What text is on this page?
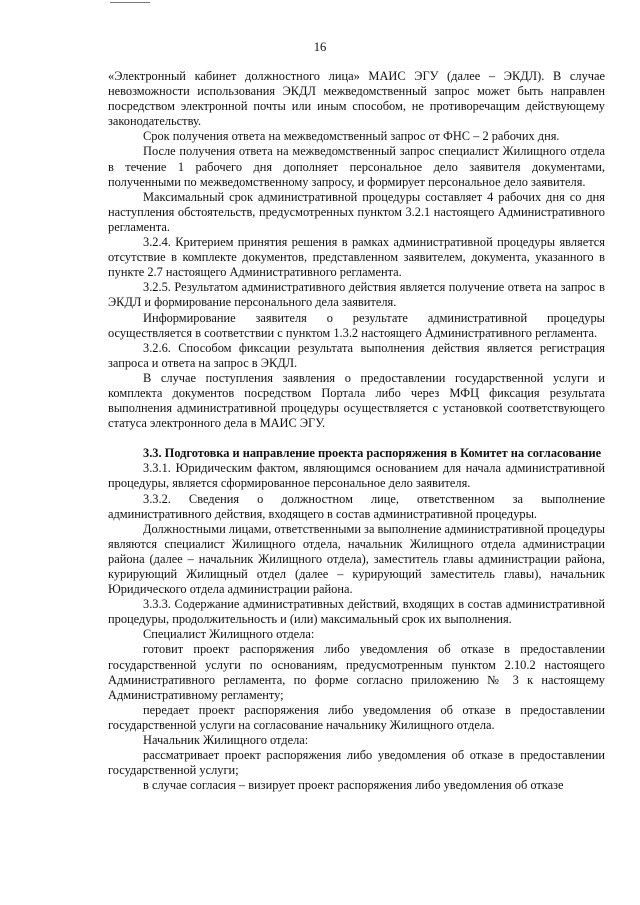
16

«Электронный кабинет должностного лица» МАИС ЭГУ (далее – ЭКДЛ). В случае невозможности использования ЭКДЛ межведомственный запрос может быть направлен посредством электронной почты или иным способом, не противоречащим действующему законодательству.

Срок получения ответа на межведомственный запрос от ФНС – 2 рабочих дня.

После получения ответа на межведомственный запрос специалист Жилищного отдела в течение 1 рабочего дня дополняет персональное дело заявителя документами, полученными по межведомственному запросу, и формирует персональное дело заявителя.

Максимальный срок административной процедуры составляет 4 рабочих дня со дня наступления обстоятельств, предусмотренных пунктом 3.2.1 настоящего Административного регламента.

3.2.4. Критерием принятия решения в рамках административной процедуры является отсутствие в комплекте документов, представленном заявителем, документа, указанного в пункте 2.7 настоящего Административного регламента.

3.2.5. Результатом административного действия является получение ответа на запрос в ЭКДЛ и формирование персонального дела заявителя.

Информирование заявителя о результате административной процедуры осуществляется в соответствии с пунктом 1.3.2 настоящего Административного регламента.

3.2.6. Способом фиксации результата выполнения действия является регистрация запроса и ответа на запрос в ЭКДЛ.

В случае поступления заявления о предоставлении государственной услуги и комплекта документов посредством Портала либо через МФЦ фиксация результата выполнения административной процедуры осуществляется с установкой соответствующего статуса электронного дела в МАИС ЭГУ.

3.3. Подготовка и направление проекта распоряжения в Комитет на согласование

3.3.1. Юридическим фактом, являющимся основанием для начала административной процедуры, является сформированное персональное дело заявителя.

3.3.2. Сведения о должностном лице, ответственном за выполнение административного действия, входящего в состав административной процедуры.

Должностными лицами, ответственными за выполнение административной процедуры являются специалист Жилищного отдела, начальник Жилищного отдела администрации района (далее – начальник Жилищного отдела), заместитель главы администрации района, курирующий Жилищный отдел (далее – курирующий заместитель главы), начальник Юридического отдела администрации района.

3.3.3. Содержание административных действий, входящих в состав административной процедуры, продолжительность и (или) максимальный срок их выполнения.

Специалист Жилищного отдела:

готовит проект распоряжения либо уведомления об отказе в предоставлении государственной услуги по основаниям, предусмотренным пунктом 2.10.2 настоящего Административного регламента, по форме согласно приложению № 3 к настоящему Административному регламенту;

передает проект распоряжения либо уведомления об отказе в предоставлении государственной услуги на согласование начальнику Жилищного отдела.

Начальник Жилищного отдела:

рассматривает проект распоряжения либо уведомления об отказе в предоставлении государственной услуги;

в случае согласия – визирует проект распоряжения либо уведомления об отказе
